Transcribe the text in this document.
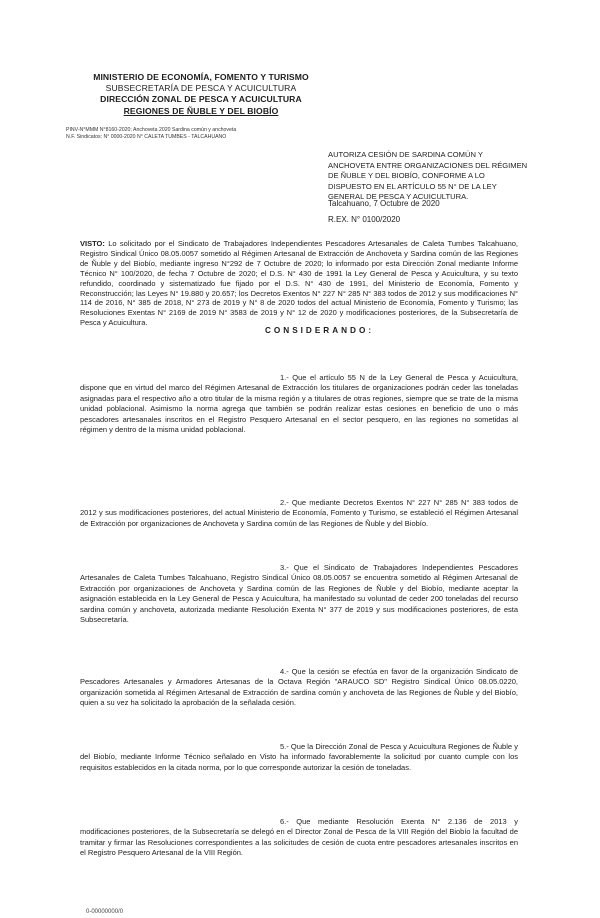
MINISTERIO DE ECONOMÍA, FOMENTO Y TURISMO
SUBSECRETARÍA DE PESCA Y ACUICULTURA
DIRECCIÓN ZONAL DE PESCA Y ACUICULTURA
REGIONES DE ÑUBLE Y DEL BIOBÍO
PINV-N°MMM N°8160-2020; Anchoveta 2020 Sardina común y anchoveta
N.F. Sindicatos: N° 0000-2020 N° CALETA TUMBES - TALCAHUANO
AUTORIZA CESIÓN DE SARDINA COMÚN Y ANCHOVETA ENTRE ORGANIZACIONES DEL RÉGIMEN DE ÑUBLE Y DEL BIOBÍO, CONFORME A LO DISPUESTO EN EL ARTÍCULO 55 N° DE LA LEY GENERAL DE PESCA Y ACUICULTURA.
Talcahuano, 7 Octubre de 2020
R.EX. N° 0100/2020
VISTO: Lo solicitado por el Sindicato de Trabajadores Independientes Pescadores Artesanales de Caleta Tumbes Talcahuano, Registro Sindical Único 08.05.0057 sometido al Régimen Artesanal de Extracción de Anchoveta y Sardina común de las Regiones de Ñuble y del Biobío, mediante ingreso N°292 de 7 Octubre de 2020; lo informado por esta Dirección Zonal mediante Informe Técnico N° 100/2020, de fecha 7 Octubre de 2020; el D.S. N° 430 de 1991 la Ley General de Pesca y Acuicultura, y su texto refundido, coordinado y sistematizado fue fijado por el D.S. N° 430 de 1991, del Ministerio de Economía, Fomento y Reconstrucción; las Leyes N° 19.880 y 20.657; los Decretos Exentos N° 227 N° 285 N° 383 todos de 2012 y sus modificaciones N° 114 de 2016, N° 385 de 2018, N° 273 de 2019 y N° 8 de 2020 todos del actual Ministerio de Economía, Fomento y Turismo; las Resoluciones Exentas N° 2169 de 2019 N° 3583 de 2019 y N° 12 de 2020 y modificaciones posteriores, de la Subsecretaría de Pesca y Acuicultura.
CONSIDERANDO:
1.- Que el artículo 55 N de la Ley General de Pesca y Acuicultura, dispone que en virtud del marco del Régimen Artesanal de Extracción los titulares de organizaciones podrán ceder las toneladas asignadas para el respectivo año a otro titular de la misma región y a titulares de otras regiones, siempre que se trate de la misma unidad poblacional. Asimismo la norma agrega que también se podrán realizar estas cesiones en beneficio de uno o más pescadores artesanales inscritos en el Registro Pesquero Artesanal en el sector pesquero, en las regiones no sometidas al régimen y dentro de la misma unidad poblacional.
2.- Que mediante Decretos Exentos N° 227 N° 285 N° 383 todos de 2012 y sus modificaciones posteriores, del actual Ministerio de Economía, Fomento y Turismo, se estableció el Régimen Artesanal de Extracción por organizaciones de Anchoveta y Sardina común de las Regiones de Ñuble y del Biobío.
3.- Que el Sindicato de Trabajadores Independientes Pescadores Artesanales de Caleta Tumbes Talcahuano, Registro Sindical Único 08.05.0057 se encuentra sometido al Régimen Artesanal de Extracción por organizaciones de Anchoveta y Sardina común de las Regiones de Ñuble y del Biobío, mediante aceptar la asignación establecida en la Ley General de Pesca y Acuicultura, ha manifestado su voluntad de ceder 200 toneladas del recurso sardina común y anchoveta, autorizada mediante Resolución Exenta N° 377 de 2019 y sus modificaciones posteriores, de esta Subsecretaría.
4.- Que la cesión se efectúa en favor de la organización Sindicato de Pescadores Artesanales y Armadores Artesanas de la Octava Región "ARAUCO SD" Registro Sindical Único 08.05.0220, organización sometida al Régimen Artesanal de Extracción de sardina común y anchoveta de las Regiones de Ñuble y del Biobío, quien a su vez ha solicitado la aprobación de la señalada cesión.
5.- Que la Dirección Zonal de Pesca y Acuicultura Regiones de Ñuble y del Biobío, mediante Informe Técnico señalado en Visto ha informado favorablemente la solicitud por cuanto cumple con los requisitos establecidos en la citada norma, por lo que corresponde autorizar la cesión de toneladas.
6.- Que mediante Resolución Exenta N° 2.136 de 2013 y modificaciones posteriores, de la Subsecretaría se delegó en el Director Zonal de Pesca de la VIII Región del Biobío la facultad de tramitar y firmar las Resoluciones correspondientes a las solicitudes de cesión de cuota entre pescadores artesanales inscritos en el Registro Pesquero Artesanal de la VIII Región.
0-00000000/0
